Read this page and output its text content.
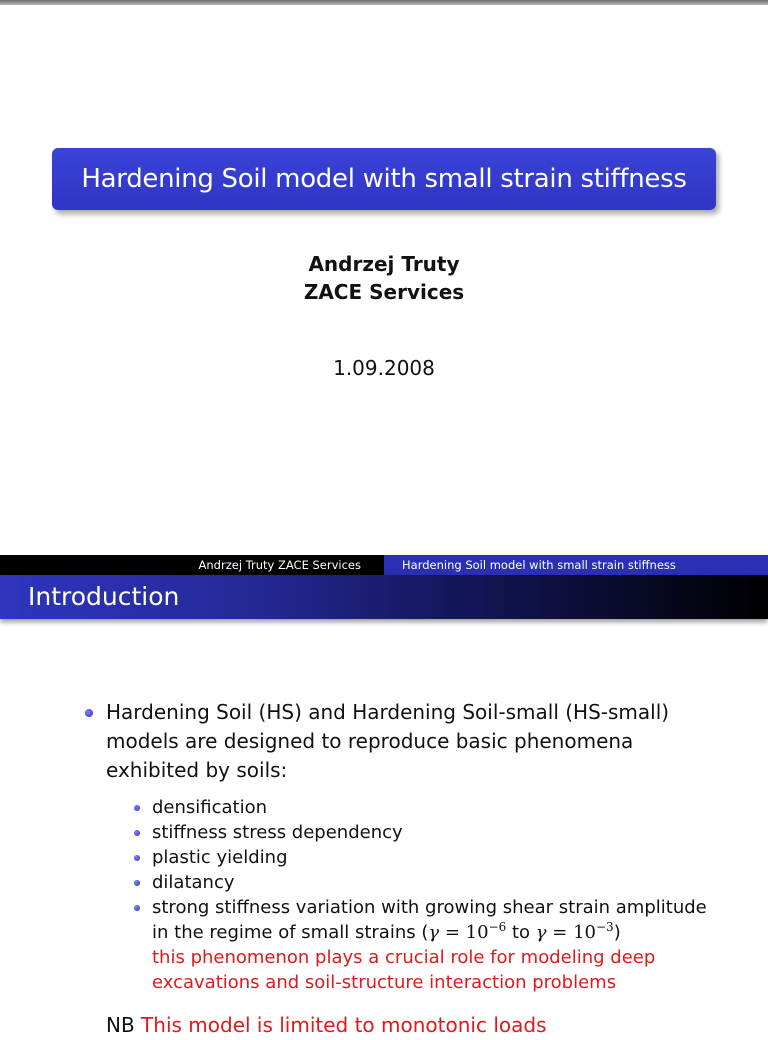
Hardening Soil model with small strain stiffness
Andrzej Truty
ZACE Services
1.09.2008
Andrzej Truty ZACE Services	Hardening Soil model with small strain stiffness
Introduction
Hardening Soil (HS) and Hardening Soil-small (HS-small) models are designed to reproduce basic phenomena exhibited by soils:
densification
stiffness stress dependency
plastic yielding
dilatancy
strong stiffness variation with growing shear strain amplitude in the regime of small strains ($\gamma = 10^{-6}$ to $\gamma = 10^{-3}$)
this phenomenon plays a crucial role for modeling deep excavations and soil-structure interaction problems
NB This model is limited to monotonic loads
